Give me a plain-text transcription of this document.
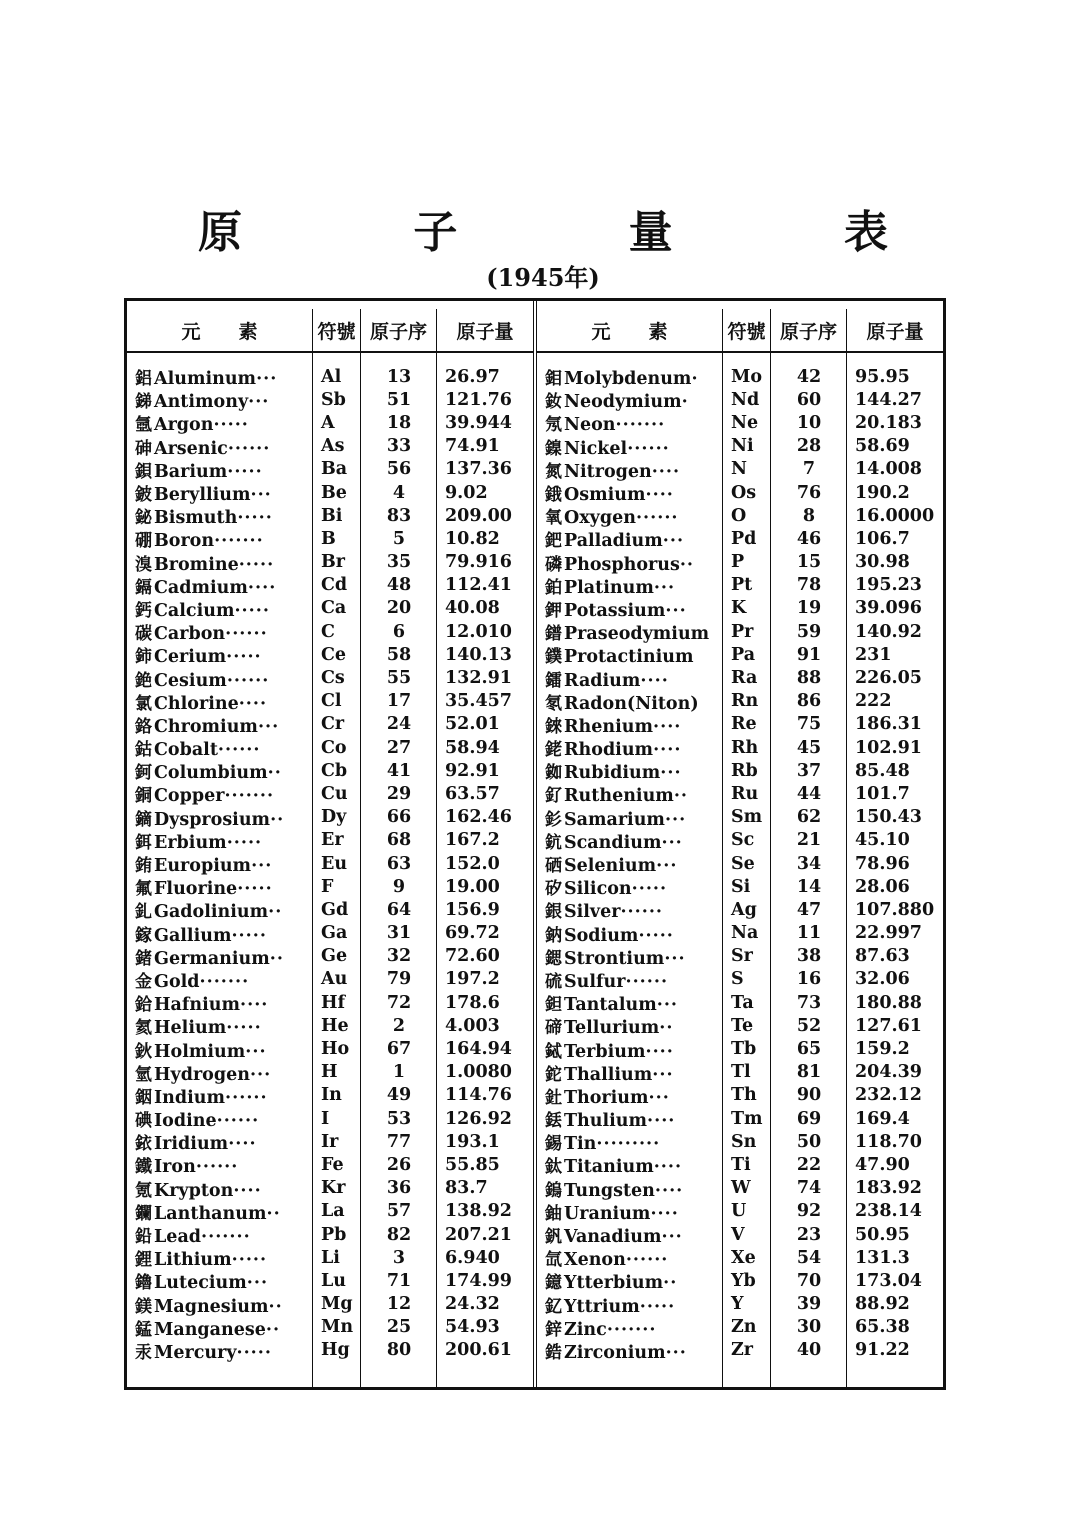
原 子 量 表
(1945年)
元　　素	符號 原子序	原子量
鋁 Aluminum···	Al	13	26.97
銻 Antimony···	Sb	51	121.76
氬 Argon·····	A	18	39.944
砷 Arsenic······	As	33	74.91
鋇 Barium·····	Ba	56	137.36
鈹 Beryllium···	Be	4	9.02
鉍 Bismuth·····	Bi	83	209.00
硼 Boron·······	B	5	10.82
溴 Bromine·····	Br	35	79.916
鎘 Cadmium····	Cd	48	112.41
鈣 Calcium·····	Ca	20	40.08
碳 Carbon······	C	6	12.010
鈰 Cerium·····	Ce	58	140.13
銫 Cesium······	Cs	55	132.91
氯 Chlorine····	Cl	17	35.457
鉻 Chromium···	Cr	24	52.01
鈷 Cobalt······	Co	27	58.94
鈳 Columbium··	Cb	41	92.91
銅 Copper·······	Cu	29	63.57
鏑 Dysprosium··	Dy	66	162.46
鉺 Erbium·····	Er	68	167.2
銪 Europium···	Eu	63	152.0
氟 Fluorine·····	F	9	19.00
釓 Gadolinium··	Gd	64	156.9
鎵 Gallium·····	Ga	31	69.72
鍺 Germanium··	Ge	32	72.60
金 Gold·······	Au	79	197.2
鉿 Hafnium····	Hf	72	178.6
氦 Helium·····	He	2	4.003
鈥 Holmium···	Ho	67	164.94
氫 Hydrogen···	H	1	1.0080
銦 Indium······	In	49	114.76
碘 Iodine······	I	53	126.92
銥 Iridium····	Ir	77	193.1
鐵 Iron······	Fe	26	55.85
氪 Krypton····	Kr	36	83.7
鑭 Lanthanum··	La	57	138.92
鉛 Lead·······	Pb	82	207.21
鋰 Lithium·····	Li	3	6.940
鑥 Lutecium···	Lu	71	174.99
鎂 Magnesium··	Mg	12	24.32
錳 Manganese··	Mn	25	54.93
汞 Mercury·····	Hg	80	200.61
元　　素	符號 原子序	原子量
鉬 Molybdenum·	Mo	42	95.95
釹 Neodymium·	Nd	60	144.27
氖 Neon·······	Ne	10	20.183
鎳 Nickel······	Ni	28	58.69
氮 Nitrogen····	N	7	14.008
鋨 Osmium····	Os	76	190.2
氧 Oxygen······	O	8	16.0000
鈀 Palladium···	Pd	46	106.7
磷 Phosphorus··	P	15	30.98
鉑 Platinum···	Pt	78	195.23
鉀 Potassium···	K	19	39.096
鐠 Praseodymium	Pr	59	140.92
鏷 Protactinium	Pa	91	231
鐳 Radium····	Ra	88	226.05
氡 Radon(Niton)	Rn	86	222
錸 Rhenium····	Re	75	186.31
銠 Rhodium····	Rh	45	102.91
銣 Rubidium···	Rb	37	85.48
釕 Ruthenium··	Ru	44	101.7
釤 Samarium···	Sm	62	150.43
鈧 Scandium···	Sc	21	45.10
硒 Selenium···	Se	34	78.96
矽 Silicon·····	Si	14	28.06
銀 Silver······	Ag	47	107.880
鈉 Sodium·····	Na	11	22.997
鍶 Strontium···	Sr	38	87.63
硫 Sulfur······	S	16	32.06
鉭 Tantalum···	Ta	73	180.88
碲 Tellurium··	Te	52	127.61
鋱 Terbium····	Tb	65	159.2
鉈 Thallium···	Tl	81	204.39
釷 Thorium···	Th	90	232.12
銩 Thulium····	Tm	69	169.4
錫 Tin·········	Sn	50	118.70
鈦 Titanium····	Ti	22	47.90
鎢 Tungsten····	W	74	183.92
鈾 Uranium····	U	92	238.14
釩 Vanadium···	V	23	50.95
氙 Xenon······	Xe	54	131.3
鐿 Ytterbium··	Yb	70	173.04
釔 Yttrium·····	Y	39	88.92
鋅 Zinc·······	Zn	30	65.38
鋯 Zirconium···	Zr	40	91.22
